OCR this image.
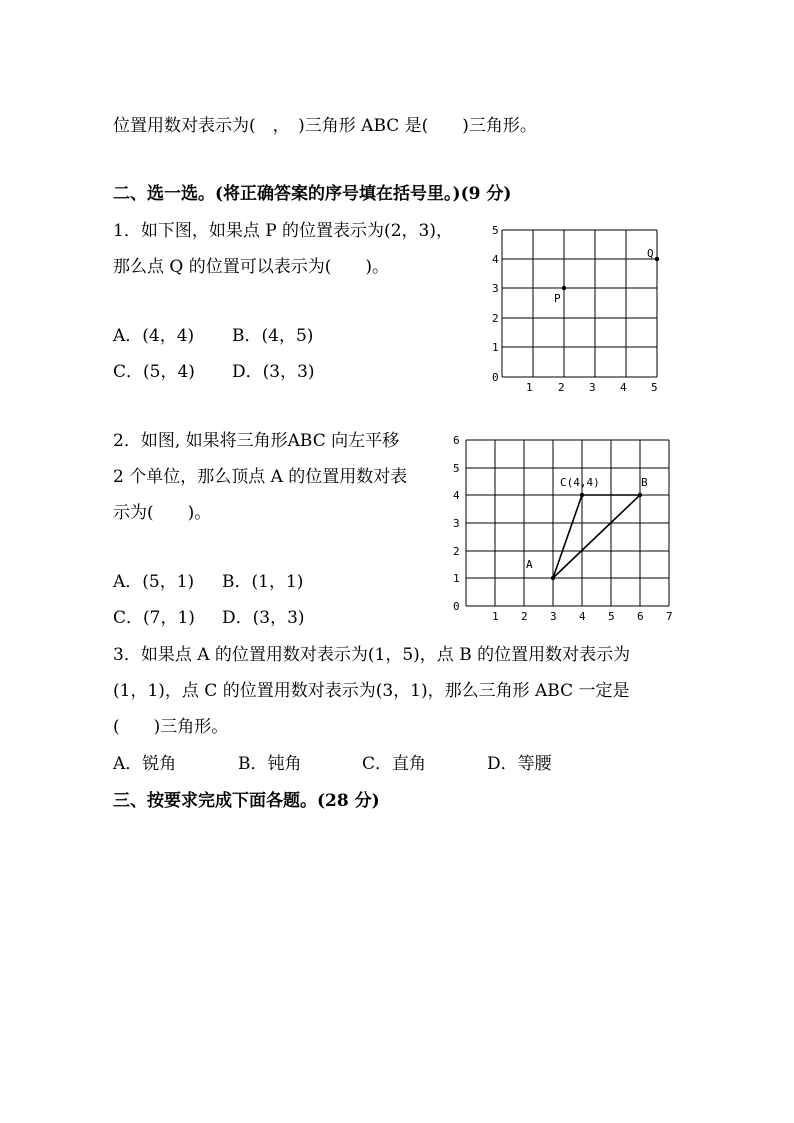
位置用数对表示为(　，　)三角形 ABC 是(　　)三角形。
二、选一选。(将正确答案的序号填在括号里。)(9 分)
1．如下图，如果点 P 的位置表示为(2，3)，
那么点 Q 的位置可以表示为(　　)。
A．(4，4) B．(4，5)
C．(5，4) D．(3，3)	0
1
2
3
4
5
1 2 3 4 5
P
Q
2．如图, 如果将三角形ABC 向左平移
2 个单位，那么顶点 A 的位置用数对表
示为(　　)。
A．(5，1) B．(1，1)
C．(7，1) D．(3，3)
0
1
2
3
4
5
6
1 2 3 4 5 6 7
A
B
C(4,4)
3．如果点 A 的位置用数对表示为(1，5)，点 B 的位置用数对表示为
(1，1)，点 C 的位置用数对表示为(3，1)，那么三角形 ABC 一定是
(　　)三角形。
A．锐角	B．钝角	C．直角	D．等腰
三、按要求完成下面各题。(28 分)
